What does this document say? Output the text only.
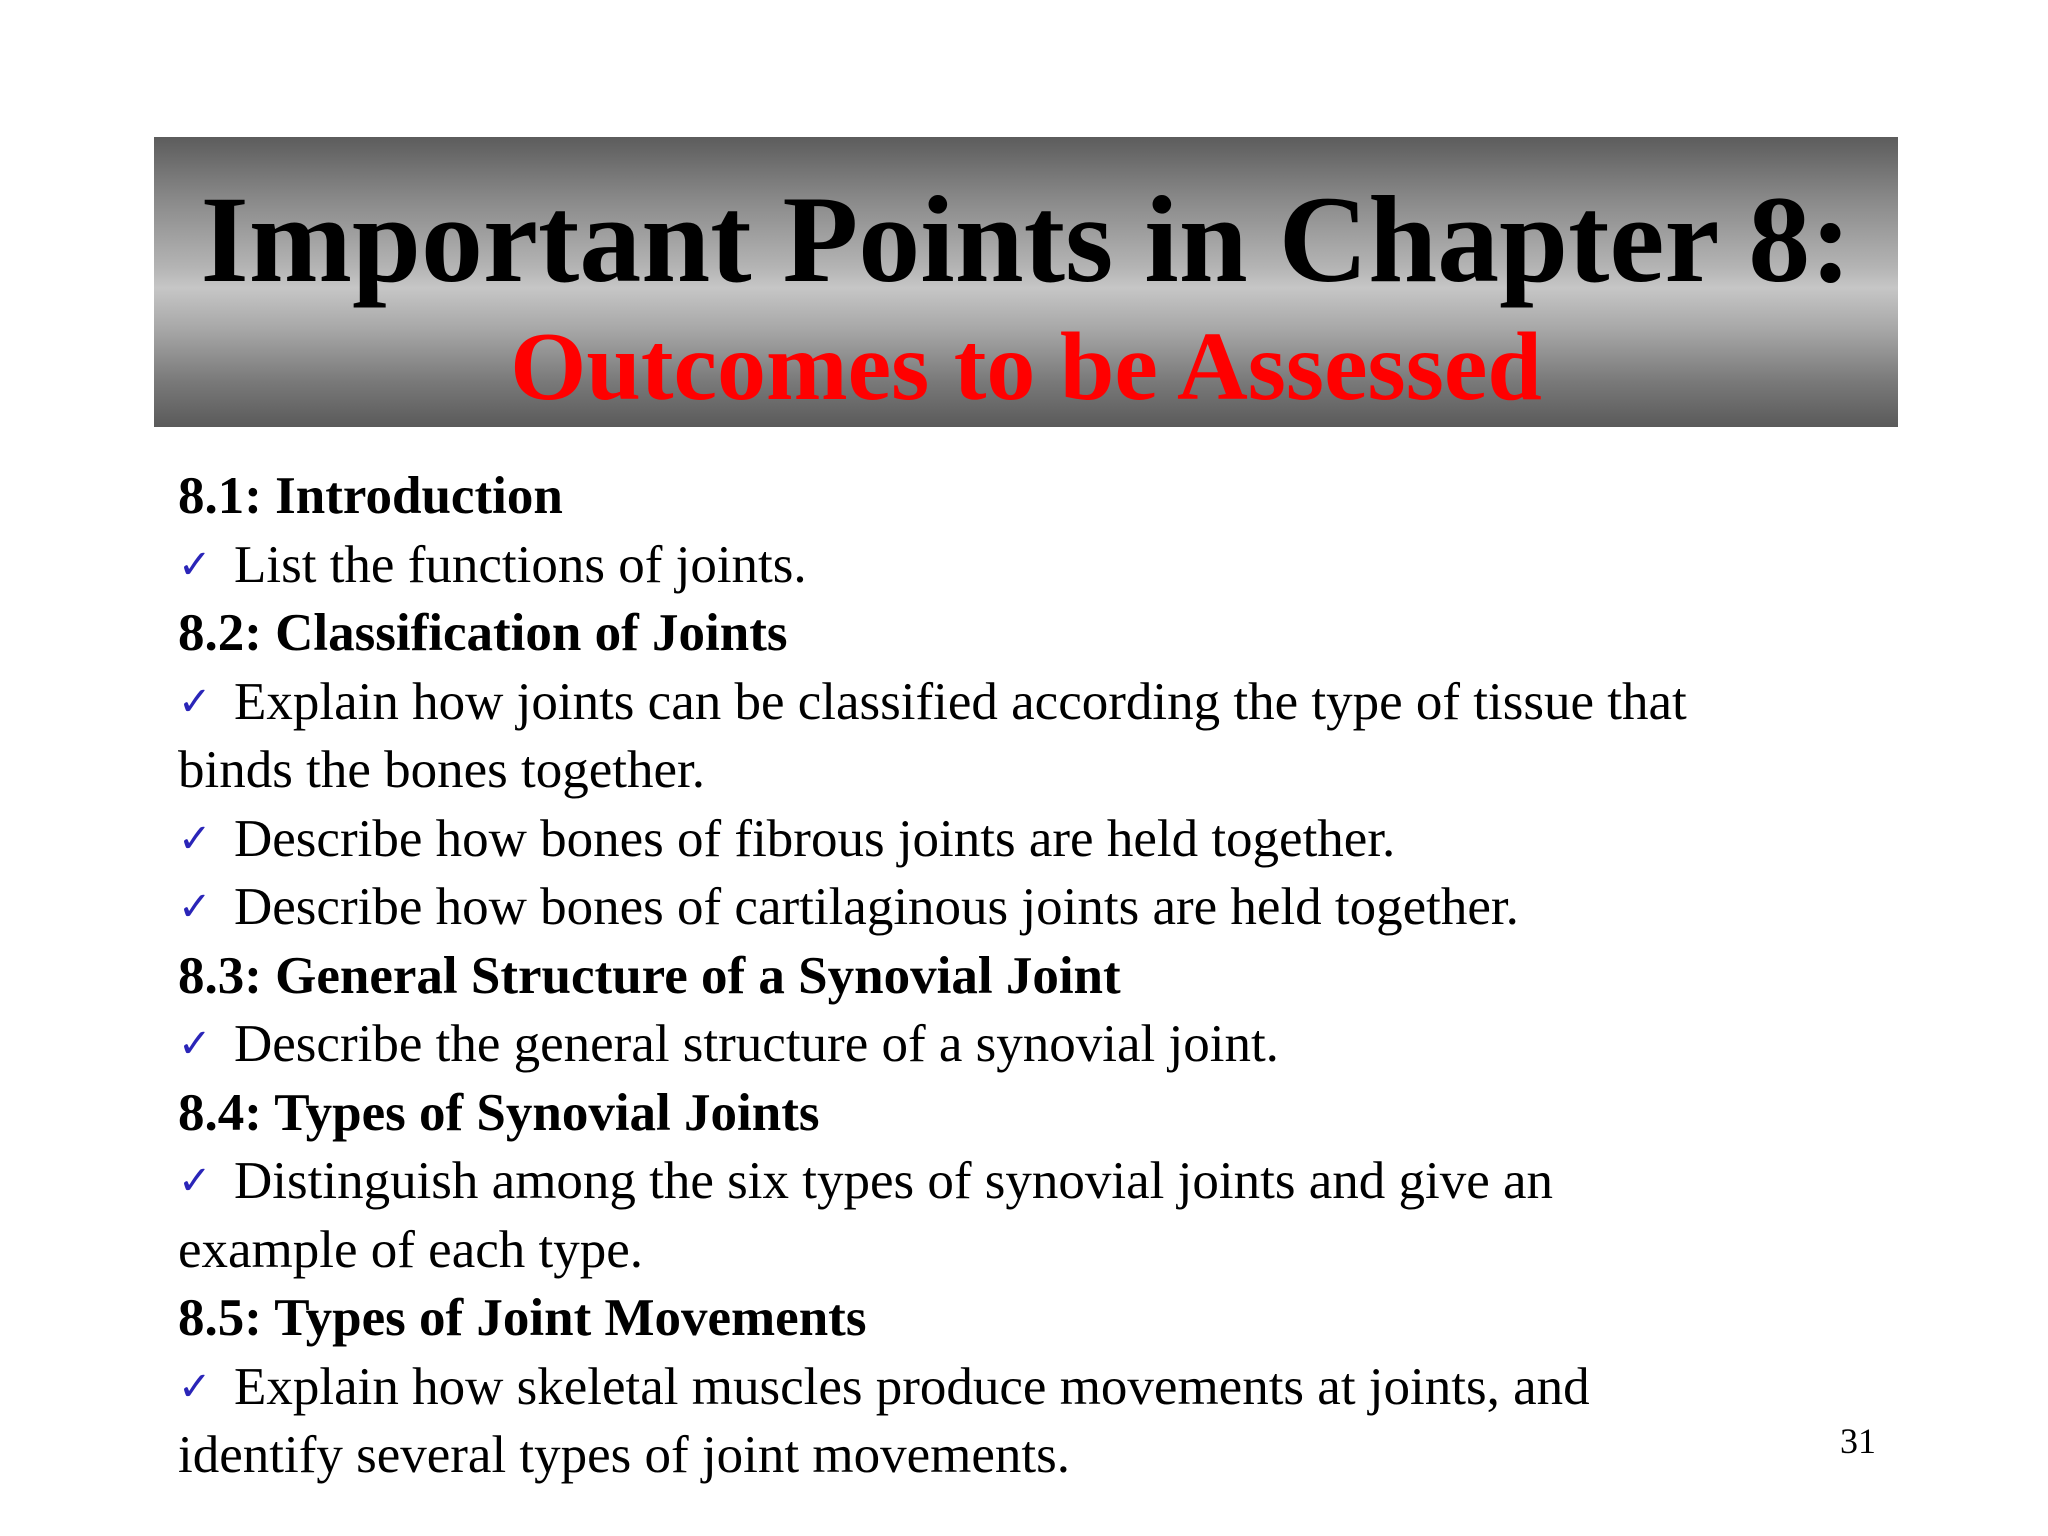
Important Points in Chapter 8:
Outcomes to be Assessed

8.1: Introduction

✓ List the functions of joints.

8.2: Classification of Joints

✓ Explain how joints can be classified according the type of tissue that

binds the bones together.

✓ Describe how bones of fibrous joints are held together.

✓ Describe how bones of cartilaginous joints are held together.

8.3: General Structure of a Synovial Joint

✓ Describe the general structure of a synovial joint.

8.4: Types of Synovial Joints

✓ Distinguish among the six types of synovial joints and give an

example of each type.

8.5: Types of Joint Movements

✓ Explain how skeletal muscles produce movements at joints, and

identify several types of joint movements.	31
